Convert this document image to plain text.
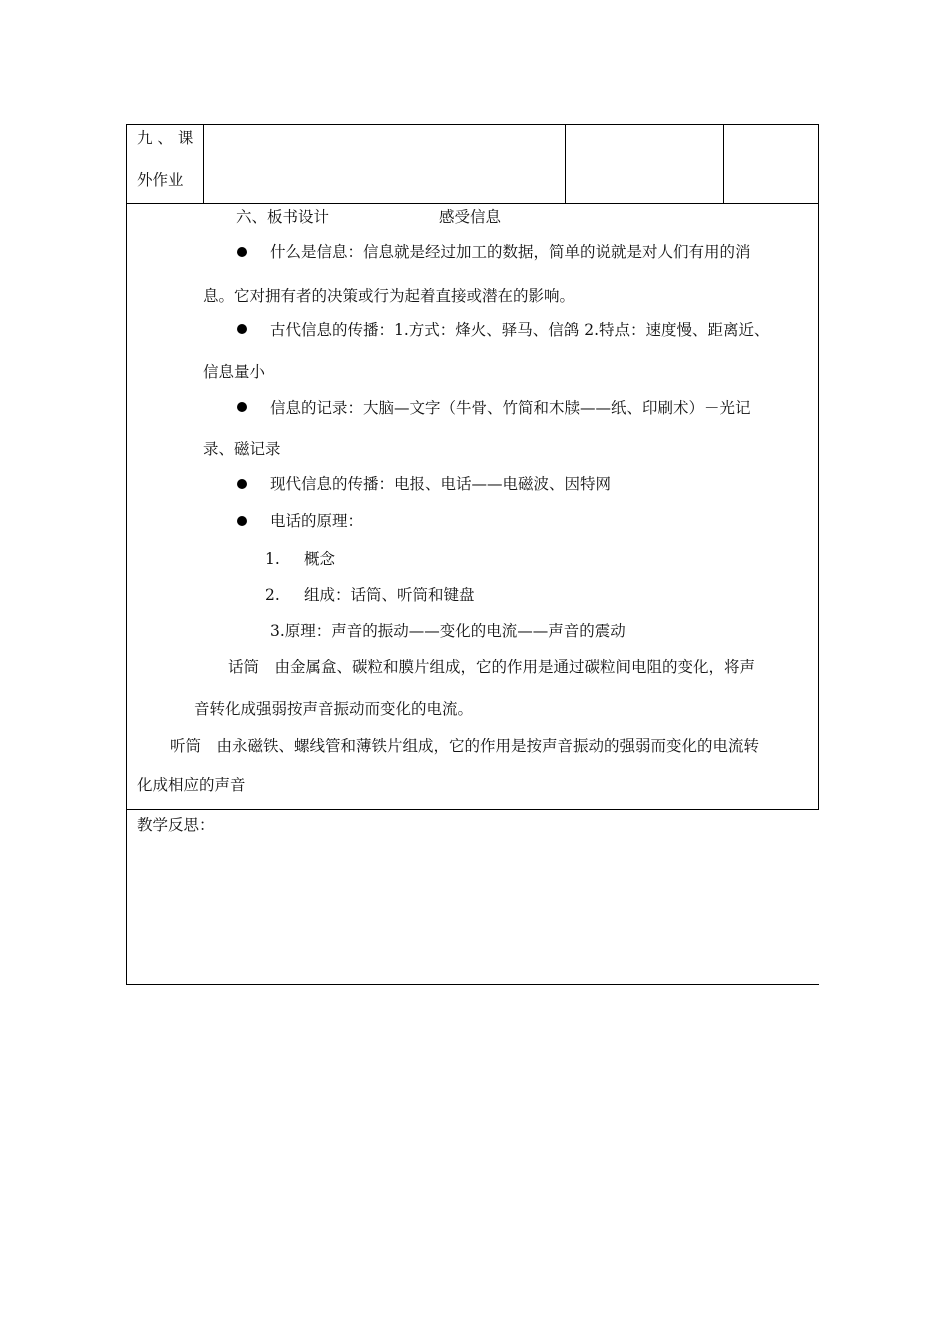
九 、 课
外作业
六、板书设计	感受信息
什么是信息：信息就是经过加工的数据，简单的说就是对人们有用的消
息。它对拥有者的决策或行为起着直接或潜在的影响。
古代信息的传播：1.方式：烽火、驿马、信鸽 2.特点：速度慢、距离近、
信息量小
信息的记录：大脑—文字（牛骨、竹简和木牍——纸、印刷术）－光记
录、磁记录
现代信息的传播：电报、电话——电磁波、因特网
电话的原理：
1. 概念
2. 组成：话筒、听筒和键盘
3.原理：声音的振动——变化的电流——声音的震动
话筒　由金属盒、碳粒和膜片组成，它的作用是通过碳粒间电阻的变化，将声
音转化成强弱按声音振动而变化的电流。
听筒　由永磁铁、螺线管和薄铁片组成，它的作用是按声音振动的强弱而变化的电流转
化成相应的声音
教学反思：
